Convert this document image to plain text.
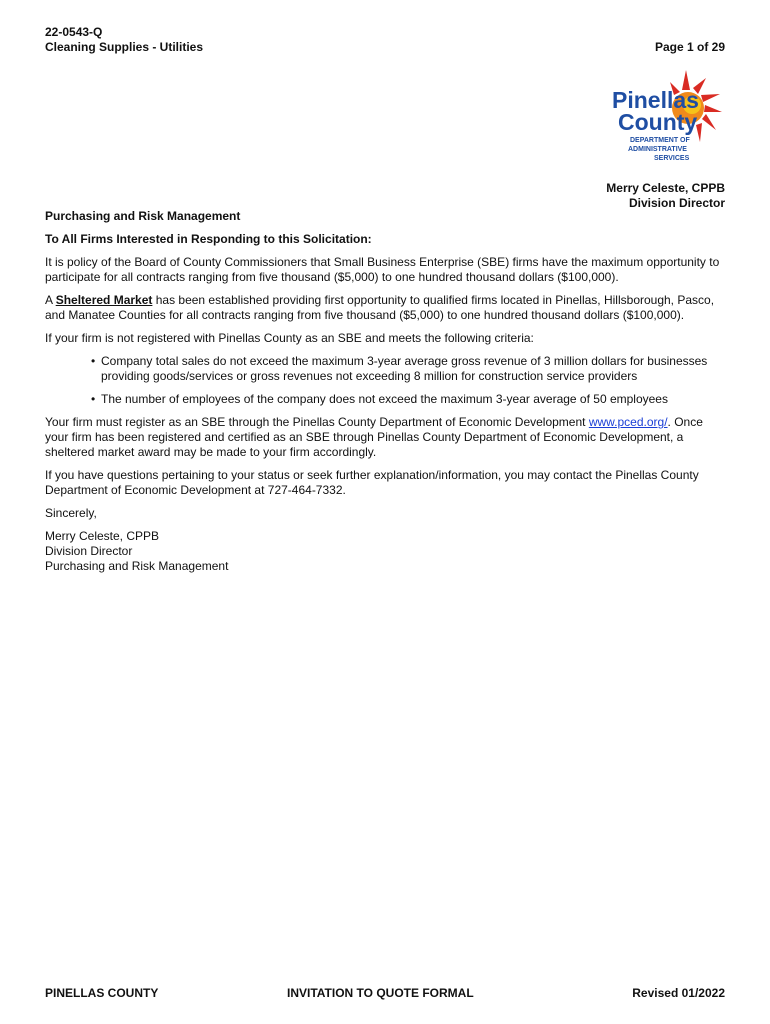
22-0543-Q
Cleaning Supplies - Utilities	Page 1 of 29
Pinellas
County
DEPARTMENT OF
ADMINISTRATIVE
SERVICES
Merry Celeste, CPPB
Division Director

Purchasing and Risk Management

To All Firms Interested in Responding to this Solicitation:

It is policy of the Board of County Commissioners that Small Business Enterprise (SBE) firms have the maximum opportunity to participate for all contracts ranging from five thousand ($5,000) to one hundred thousand dollars ($100,000).

A Sheltered Market has been established providing first opportunity to qualified firms located in Pinellas, Hillsborough, Pasco, and Manatee Counties for all contracts ranging from five thousand ($5,000) to one hundred thousand dollars ($100,000).

If your firm is not registered with Pinellas County as an SBE and meets the following criteria:

• Company total sales do not exceed the maximum 3-year average gross revenue of 3 million dollars for businesses providing goods/services or gross revenues not exceeding 8 million for construction service providers
• The number of employees of the company does not exceed the maximum 3-year average of 50 employees

Your firm must register as an SBE through the Pinellas County Department of Economic Development www.pced.org/. Once your firm has been registered and certified as an SBE through Pinellas County Department of Economic Development, a sheltered market award may be made to your firm accordingly.

If you have questions pertaining to your status or seek further explanation/information, you may contact the Pinellas County Department of Economic Development at 727-464-7332.

Sincerely,

Merry Celeste, CPPB
Division Director
Purchasing and Risk Management
PINELLAS COUNTY	INVITATION TO QUOTE FORMAL	Revised 01/2022
